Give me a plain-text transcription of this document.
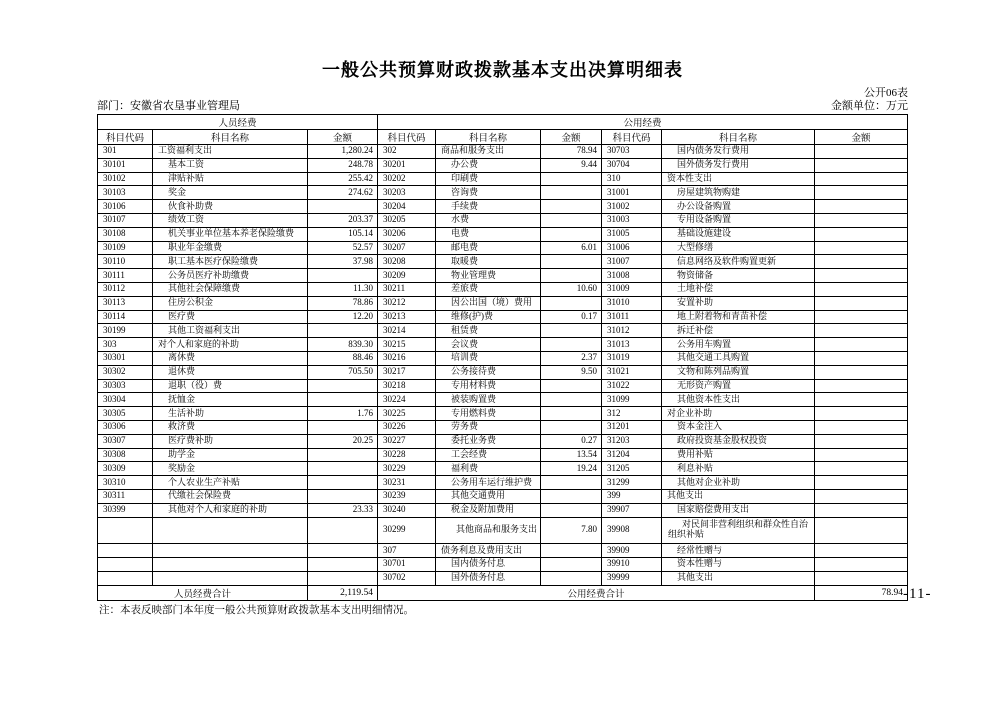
一般公共预算财政拨款基本支出决算明细表
公开06表
部门：安徽省农垦事业管理局	金额单位：万元
人员经费			公用经费					
科目代码	科目名称	金额	科目代码	科目名称	金额	科目代码	科目名称	金额
301	工资福利支出	1,280.24	302	商品和服务支出	78.94	30703	国内债务发行费用	
30101	基本工资	248.78	30201	办公费	9.44	30704	国外债务发行费用	
30102	津贴补贴	255.42	30202	印刷费		310	资本性支出	
30103	奖金	274.62	30203	咨询费		31001	房屋建筑物购建	
30106	伙食补助费		30204	手续费		31002	办公设备购置	
30107	绩效工资	203.37	30205	水费		31003	专用设备购置	
30108	机关事业单位基本养老保险缴费	105.14	30206	电费		31005	基础设施建设	
30109	职业年金缴费	52.57	30207	邮电费	6.01	31006	大型修缮	
30110	职工基本医疗保险缴费	37.98	30208	取暖费		31007	信息网络及软件购置更新	
30111	公务员医疗补助缴费		30209	物业管理费		31008	物资储备	
30112	其他社会保障缴费	11.30	30211	差旅费	10.60	31009	土地补偿	
30113	住房公积金	78.86	30212	因公出国（境）费用		31010	安置补助	
30114	医疗费	12.20	30213	维修(护)费	0.17	31011	地上附着物和青苗补偿	
30199	其他工资福利支出		30214	租赁费		31012	拆迁补偿	
303	对个人和家庭的补助	839.30	30215	会议费		31013	公务用车购置	
30301	离休费	88.46	30216	培训费	2.37	31019	其他交通工具购置	
30302	退休费	705.50	30217	公务接待费	9.50	31021	文物和陈列品购置	
30303	退职（役）费		30218	专用材料费		31022	无形资产购置	
30304	抚恤金		30224	被装购置费		31099	其他资本性支出	
30305	生活补助	1.76	30225	专用燃料费		312	对企业补助	
30306	救济费		30226	劳务费		31201	资本金注入	
30307	医疗费补助	20.25	30227	委托业务费	0.27	31203	政府投资基金股权投资	
30308	助学金		30228	工会经费	13.54	31204	费用补贴	
30309	奖励金		30229	福利费	19.24	31205	利息补贴	
30310	个人农业生产补贴		30231	公务用车运行维护费		31299	其他对企业补助	
30311	代缴社会保险费		30239	其他交通费用		399	其他支出	
30399	其他对个人和家庭的补助	23.33	30240	税金及附加费用		39907	国家赔偿费用支出	
			30299	其他商品和服务支出	7.80	39908	对民间非营利组织和群众性自治组织补贴	
			307	债务利息及费用支出		39909	经常性赠与	
			30701	国内债务付息		39910	资本性赠与	
			30702	国外债务付息		39999	其他支出	
人员经费合计		2,119.54	公用经费合计					78.94
注：本表反映部门本年度一般公共预算财政拨款基本支出明细情况。
-11-
